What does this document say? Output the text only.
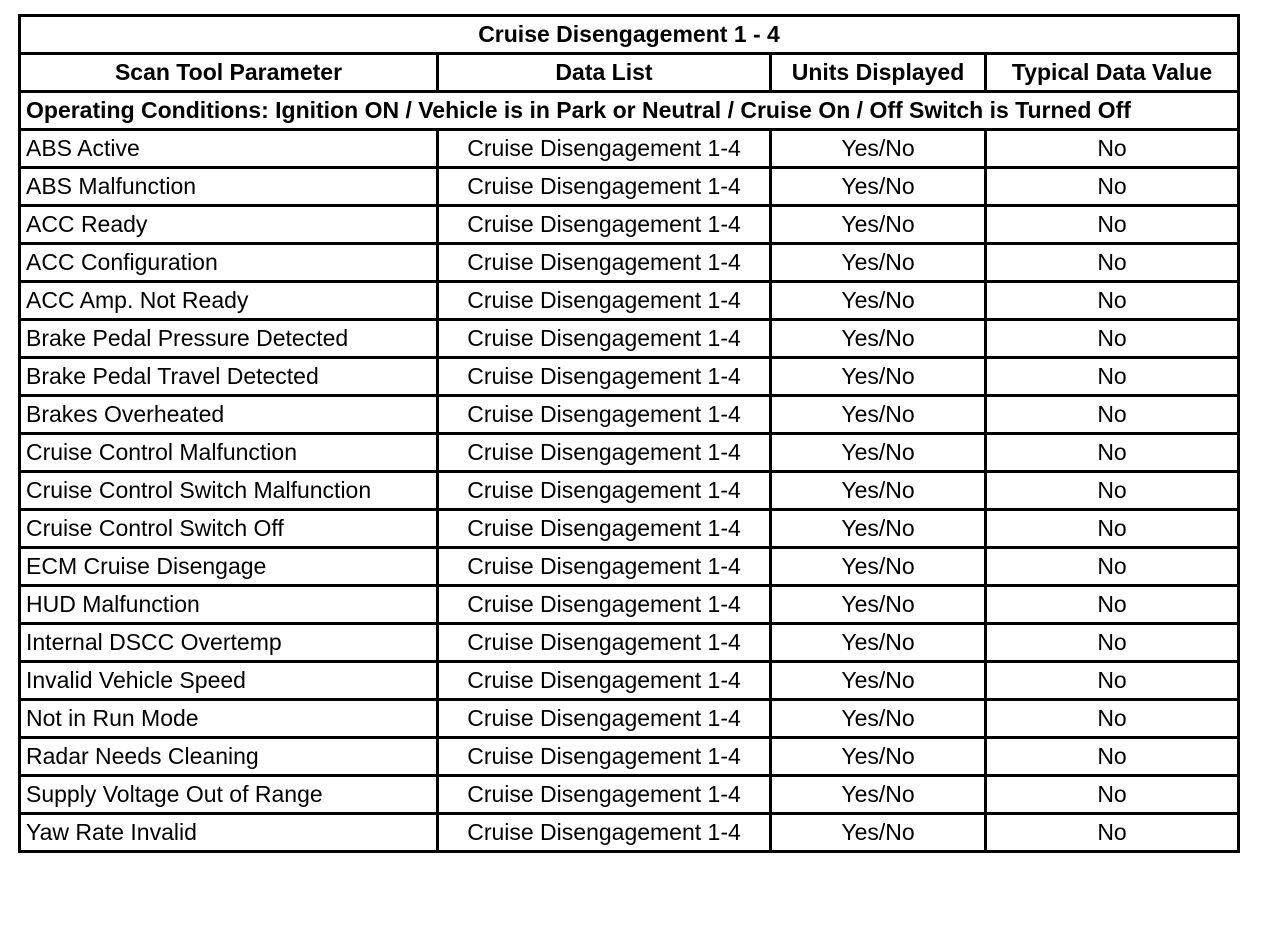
Cruise Disengagement 1 - 4			
Scan Tool Parameter	Data List	Units Displayed	Typical Data Value
Operating Conditions: Ignition ON / Vehicle is in Park or Neutral / Cruise On / Off Switch is Turned Off			
ABS Active	Cruise Disengagement 1-4	Yes/No	No
ABS Malfunction	Cruise Disengagement 1-4	Yes/No	No
ACC Ready	Cruise Disengagement 1-4	Yes/No	No
ACC Configuration	Cruise Disengagement 1-4	Yes/No	No
ACC Amp. Not Ready	Cruise Disengagement 1-4	Yes/No	No
Brake Pedal Pressure Detected	Cruise Disengagement 1-4	Yes/No	No
Brake Pedal Travel Detected	Cruise Disengagement 1-4	Yes/No	No
Brakes Overheated	Cruise Disengagement 1-4	Yes/No	No
Cruise Control Malfunction	Cruise Disengagement 1-4	Yes/No	No
Cruise Control Switch Malfunction	Cruise Disengagement 1-4	Yes/No	No
Cruise Control Switch Off	Cruise Disengagement 1-4	Yes/No	No
ECM Cruise Disengage	Cruise Disengagement 1-4	Yes/No	No
HUD Malfunction	Cruise Disengagement 1-4	Yes/No	No
Internal DSCC Overtemp	Cruise Disengagement 1-4	Yes/No	No
Invalid Vehicle Speed	Cruise Disengagement 1-4	Yes/No	No
Not in Run Mode	Cruise Disengagement 1-4	Yes/No	No
Radar Needs Cleaning	Cruise Disengagement 1-4	Yes/No	No
Supply Voltage Out of Range	Cruise Disengagement 1-4	Yes/No	No
Yaw Rate Invalid	Cruise Disengagement 1-4	Yes/No	No
